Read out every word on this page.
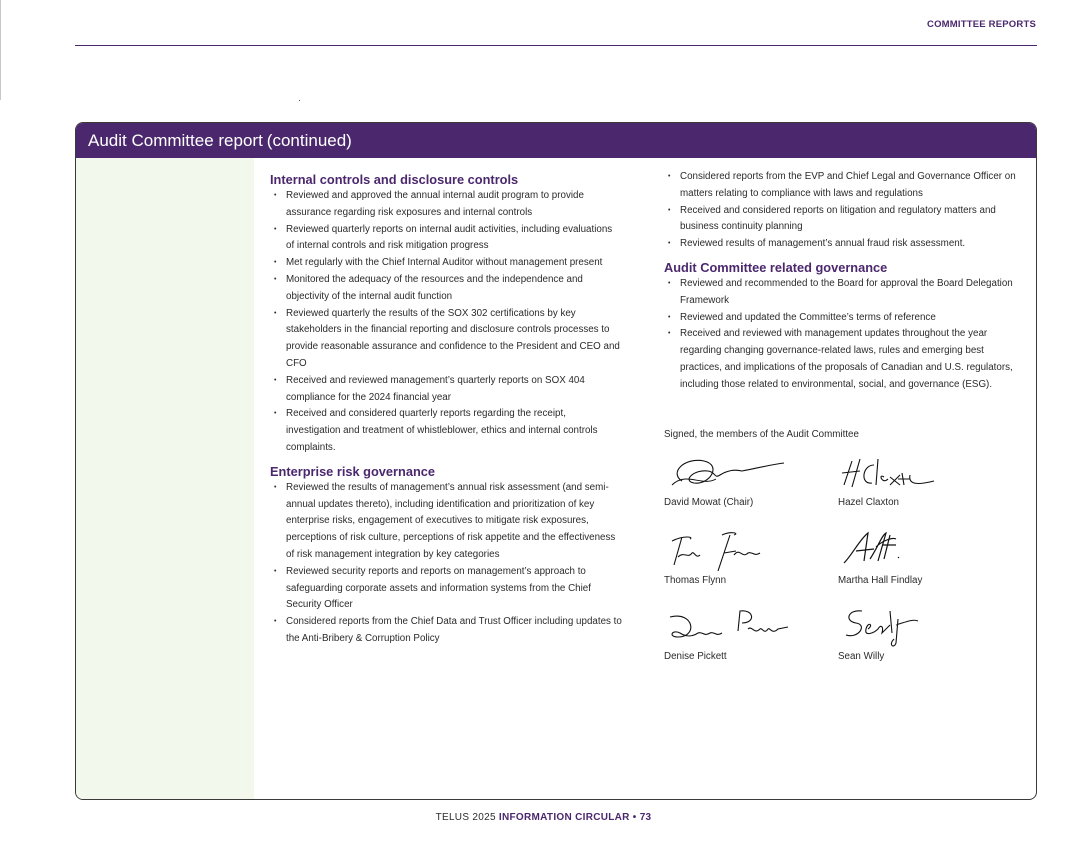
COMMITTEE REPORTS
Audit Committee report (continued)
Internal controls and disclosure controls
• Reviewed and approved the annual internal audit program to provide assurance regarding risk exposures and internal controls
• Reviewed quarterly reports on internal audit activities, including evaluations of internal controls and risk mitigation progress
• Met regularly with the Chief Internal Auditor without management present
• Monitored the adequacy of the resources and the independence and objectivity of the internal audit function
• Reviewed quarterly the results of the SOX 302 certifications by key stakeholders in the financial reporting and disclosure controls processes to provide reasonable assurance and confidence to the President and CEO and CFO
• Received and reviewed management’s quarterly reports on SOX 404 compliance for the 2024 financial year
• Received and considered quarterly reports regarding the receipt, investigation and treatment of whistleblower, ethics and internal controls complaints.
Enterprise risk governance
• Reviewed the results of management’s annual risk assessment (and semi-annual updates thereto), including identification and prioritization of key enterprise risks, engagement of executives to mitigate risk exposures, perceptions of risk culture, perceptions of risk appetite and the effectiveness of risk management integration by key categories
• Reviewed security reports and reports on management’s approach to safeguarding corporate assets and information systems from the Chief Security Officer
• Considered reports from the Chief Data and Trust Officer including updates to the Anti-Bribery & Corruption Policy
• Considered reports from the EVP and Chief Legal and Governance Officer on matters relating to compliance with laws and regulations
• Received and considered reports on litigation and regulatory matters and business continuity planning
• Reviewed results of management’s annual fraud risk assessment.
Audit Committee related governance
• Reviewed and recommended to the Board for approval the Board Delegation Framework
• Reviewed and updated the Committee’s terms of reference
• Received and reviewed with management updates throughout the year regarding changing governance-related laws, rules and emerging best practices, and implications of the proposals of Canadian and U.S. regulators, including those related to environmental, social, and governance (ESG).
Signed, the members of the Audit Committee
David Mowat (Chair)	Hazel Claxton
Thomas Flynn	Martha Hall Findlay
Denise Pickett	Sean Willy
TELUS 2025 INFORMATION CIRCULAR • 73
